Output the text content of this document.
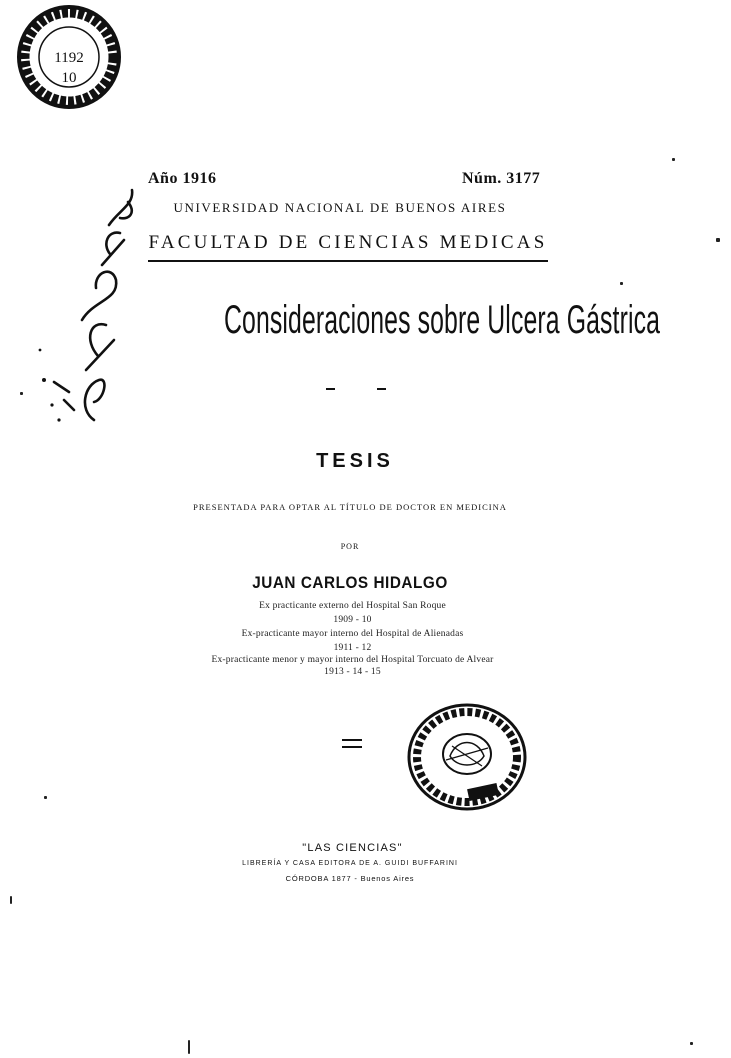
1192
10
Año 1916	Núm. 3177
UNIVERSIDAD NACIONAL DE BUENOS AIRES
FACULTAD DE CIENCIAS MEDICAS
Consideraciones sobre Ulcera Gástrica
TESIS
PRESENTADA PARA OPTAR AL TÍTULO DE DOCTOR EN MEDICINA
POR
JUAN CARLOS HIDALGO
Ex practicante externo del Hospital San Roque
1909 - 10
Ex-practicante mayor interno del Hospital de Alienadas
1911 - 12
Ex-practicante menor y mayor interno del Hospital Torcuato de Alvear
1913 - 14 - 15
"LAS CIENCIAS"
LIBRERÍA Y CASA EDITORA DE A. GUIDI BUFFARINI
CÓRDOBA 1877 - Buenos Aires
